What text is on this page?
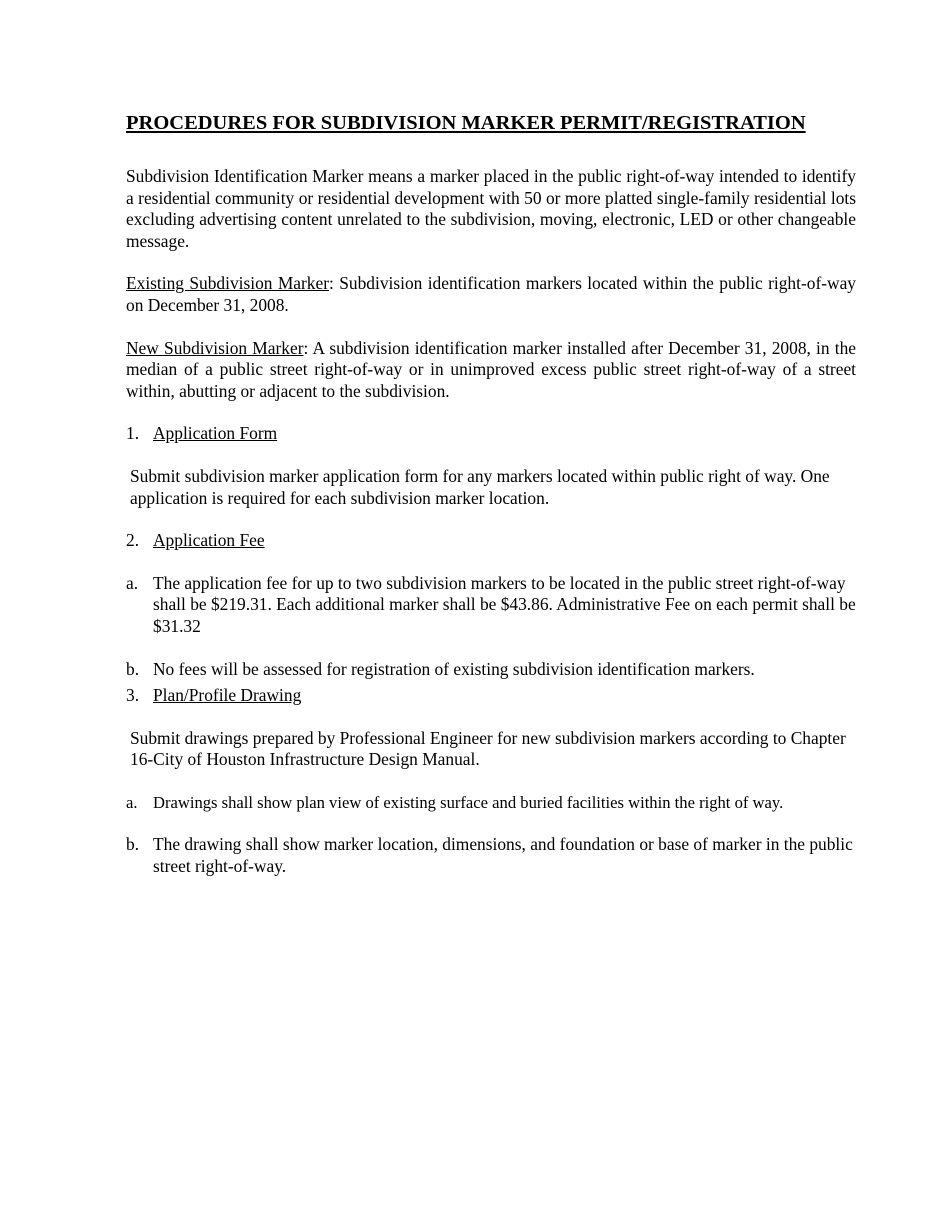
PROCEDURES FOR SUBDIVISION MARKER PERMIT/REGISTRATION
Subdivision Identification Marker means a marker placed in the public right-of-way intended to identify a residential community or residential development with 50 or more platted single-family residential lots excluding advertising content unrelated to the subdivision, moving, electronic, LED or other changeable message.
Existing Subdivision Marker: Subdivision identification markers located within the public right-of-way on December 31, 2008.
New Subdivision Marker: A subdivision identification marker installed after December 31, 2008, in the median of a public street right-of-way or in unimproved excess public street right-of-way of a street within, abutting or adjacent to the subdivision.
1. Application Form
Submit subdivision marker application form for any markers located within public right of way. One application is required for each subdivision marker location.
2. Application Fee
a. The application fee for up to two subdivision markers to be located in the public street right-of-way shall be $219.31. Each additional marker shall be $43.86. Administrative Fee on each permit shall be $31.32
b. No fees will be assessed for registration of existing subdivision identification markers.
3. Plan/Profile Drawing
Submit drawings prepared by Professional Engineer for new subdivision markers according to Chapter 16-City of Houston Infrastructure Design Manual.
a. Drawings shall show plan view of existing surface and buried facilities within the right of way.
b. The drawing shall show marker location, dimensions, and foundation or base of marker in the public street right-of-way.
